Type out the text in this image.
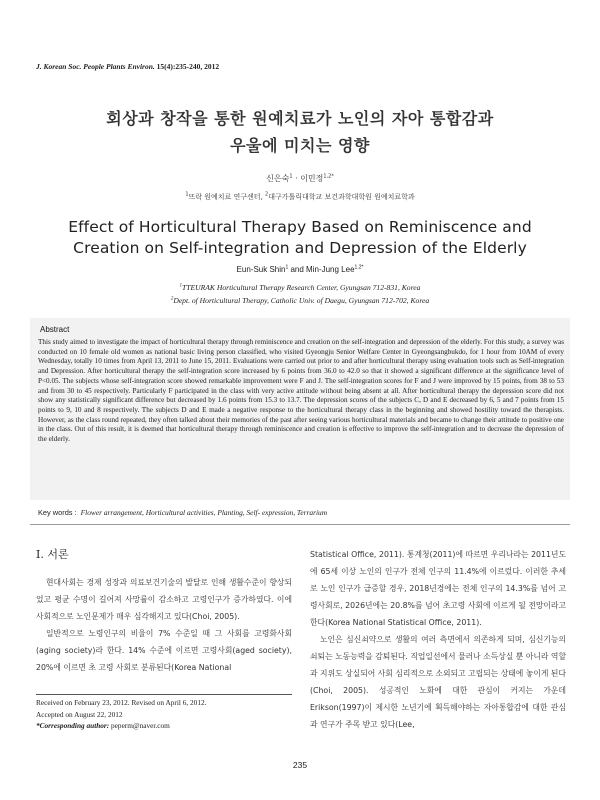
J. Korean Soc. People Plants Environ. 15(4):235-240, 2012
회상과 창작을 통한 원예치료가 노인의 자아 통합감과
우울에 미치는 영향
신은숙$^1$ · 이민정$^{1,2*}$
$^1$뜨락 원예치료 연구센터, $^2$대구가톨릭대학교 보건과학대학원 원예치료학과
Effect of Horticultural Therapy Based on Reminiscence and
Creation on Self-integration and Depression of the Elderly
Eun-Suk Shin$^1$ and Min-Jung Lee$^{1,2*}$
$^1$TTEURAK Horticultural Therapy Research Center, Gyungsan 712-831, Korea
$^2$Dept. of Horticultural Therapy, Catholic Univ. of Daegu, Gyungsan 712-702, Korea
Abstract
This study aimed to investigate the impact of horticultural therapy through reminiscence and creation on the self-integration and depression of the elderly. For this study, a survey was conducted on 10 female old women as national basic living person classified, who visited Gyeongju Senior Welfare Center in Gyeongsangbukdo, for 1 hour from 10AM of every Wednesday, totally 10 times from April 13, 2011 to June 15, 2011. Evaluations were carried out prior to and after horticultural therapy using evaluation tools such as Self-integration and Depression. After horticultural therapy the self-integration score increased by 6 points from 36.0 to 42.0 so that it showed a significant difference at the significance level of P<0.05. The subjects whose self-integration score showed remarkable improvement were F and J. The self-integration scores for F and J were improved by 15 points, from 38 to 53 and from 30 to 45 respectively. Particularly F participated in the class with very active attitude without being absent at all. After horticultural therapy the depression score did not show any statistically significant difference but decreased by 1.6 points from 15.3 to 13.7. The depression scores of the subjects C, D and E decreased by 6, 5 and 7 points from 15 points to 9, 10 and 8 respectively. The subjects D and E made a negative response to the horticultural therapy class in the beginning and showed hostility toward the therapists. However, as the class round repeated, they often talked about their memories of the past after seeing various horticultural materials and became to change their attitude to positive one in the class. Out of this result, it is deemed that horticultural therapy through reminiscence and creation is effective to improve the self-integration and to decrease the depression of the elderly.
Key words : Flower arrangement, Horticultural activities, Planting, Self- expression, Terrarium
Ⅰ. 서론

현대사회는 경제 성장과 의료보건기술의 발달로 인해 생활수준이 향상되었고 평균 수명이 길어져 사망률이 감소하고 고령인구가 증가하였다. 이에 사회적으로 노인문제가 매우 심각해지고 있다(Choi, 2005).

일반적으로 노령인구의 비율이 7% 수준일 때 그 사회를 고령화사회(aging society)라 한다. 14% 수준에 이르면 고령사회(aged society), 20%에 이르면 초 고령 사회로 분류된다(Korea National

Statistical Office, 2011). 통계청(2011)에 따르면 우리나라는 2011년도에 65세 이상 노인의 인구가 전체 인구의 11.4%에 이르렀다. 이러한 추세로 노인 인구가 급증할 경우, 2018년경에는 전체 인구의 14.3%를 넘어 고령사회로, 2026년에는 20.8%를 넘어 초고령 사회에 이르게 될 전망이라고 한다(Korea National Statistical Office, 2011).

노인은 심신쇠약으로 생활의 여러 측면에서 의존하게 되며, 심신기능의 쇠퇴는 노동능력을 감퇴된다. 직업일선에서 물러나 소득상실 뿐 아니라 역할과 지위도 상실되어 사회 심리적으로 소외되고 고립되는 상태에 놓이게 된다(Choi, 2005). 성공적인 노화에 대한 관심이 커지는 가운데 Erikson(1997)이 제시한 노년기에 획득해야하는 자아통합감에 대한 관심과 연구가 주목 받고 있다(Lee,

Received on February 23, 2012. Revised on April 6, 2012.
Accepted on August 22, 2012
*Corresponding author: peperm@naver.com
235
